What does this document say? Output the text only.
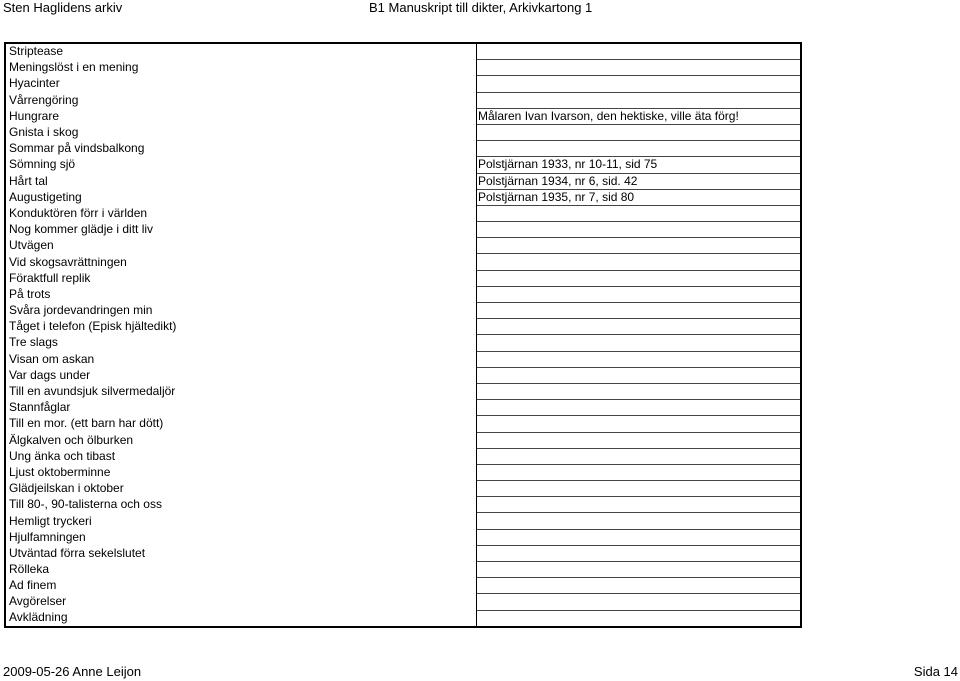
Sten Haglidens arkiv	B1 Manuskript till dikter, Arkivkartong 1
Striptease	
Meningslöst i en mening	
Hyacinter	
Vårrengöring	
Hungrare	Målaren Ivan Ivarson, den hektiske, ville äta förg!
Gnista i skog	
Sommar på vindsbalkong	
Sömning sjö	Polstjärnan 1933, nr 10-11, sid 75
Hårt tal	Polstjärnan 1934, nr 6, sid. 42
Augustigeting	Polstjärnan 1935, nr 7, sid 80
Konduktören förr i världen	
Nog kommer glädje i ditt liv	
Utvägen	
Vid skogsavrättningen	
Föraktfull replik	
På trots	
Svåra jordevandringen min	
Tåget i telefon (Episk hjältedikt)	
Tre slags	
Visan om askan	
Var dags under	
Till en avundsjuk silvermedaljör	
Stannfåglar	
Till en mor. (ett barn har dött)	
Älgkalven och ölburken	
Ung änka och tibast	
Ljust oktoberminne	
Glädjeilskan i oktober	
Till 80-, 90-talisterna och oss	
Hemligt tryckeri	
Hjulfamningen	
Utväntad förra sekelslutet	
Rölleka	
Ad finem	
Avgörelser	
Avklädning	
2009-05-26 Anne Leijon	Sida 14
